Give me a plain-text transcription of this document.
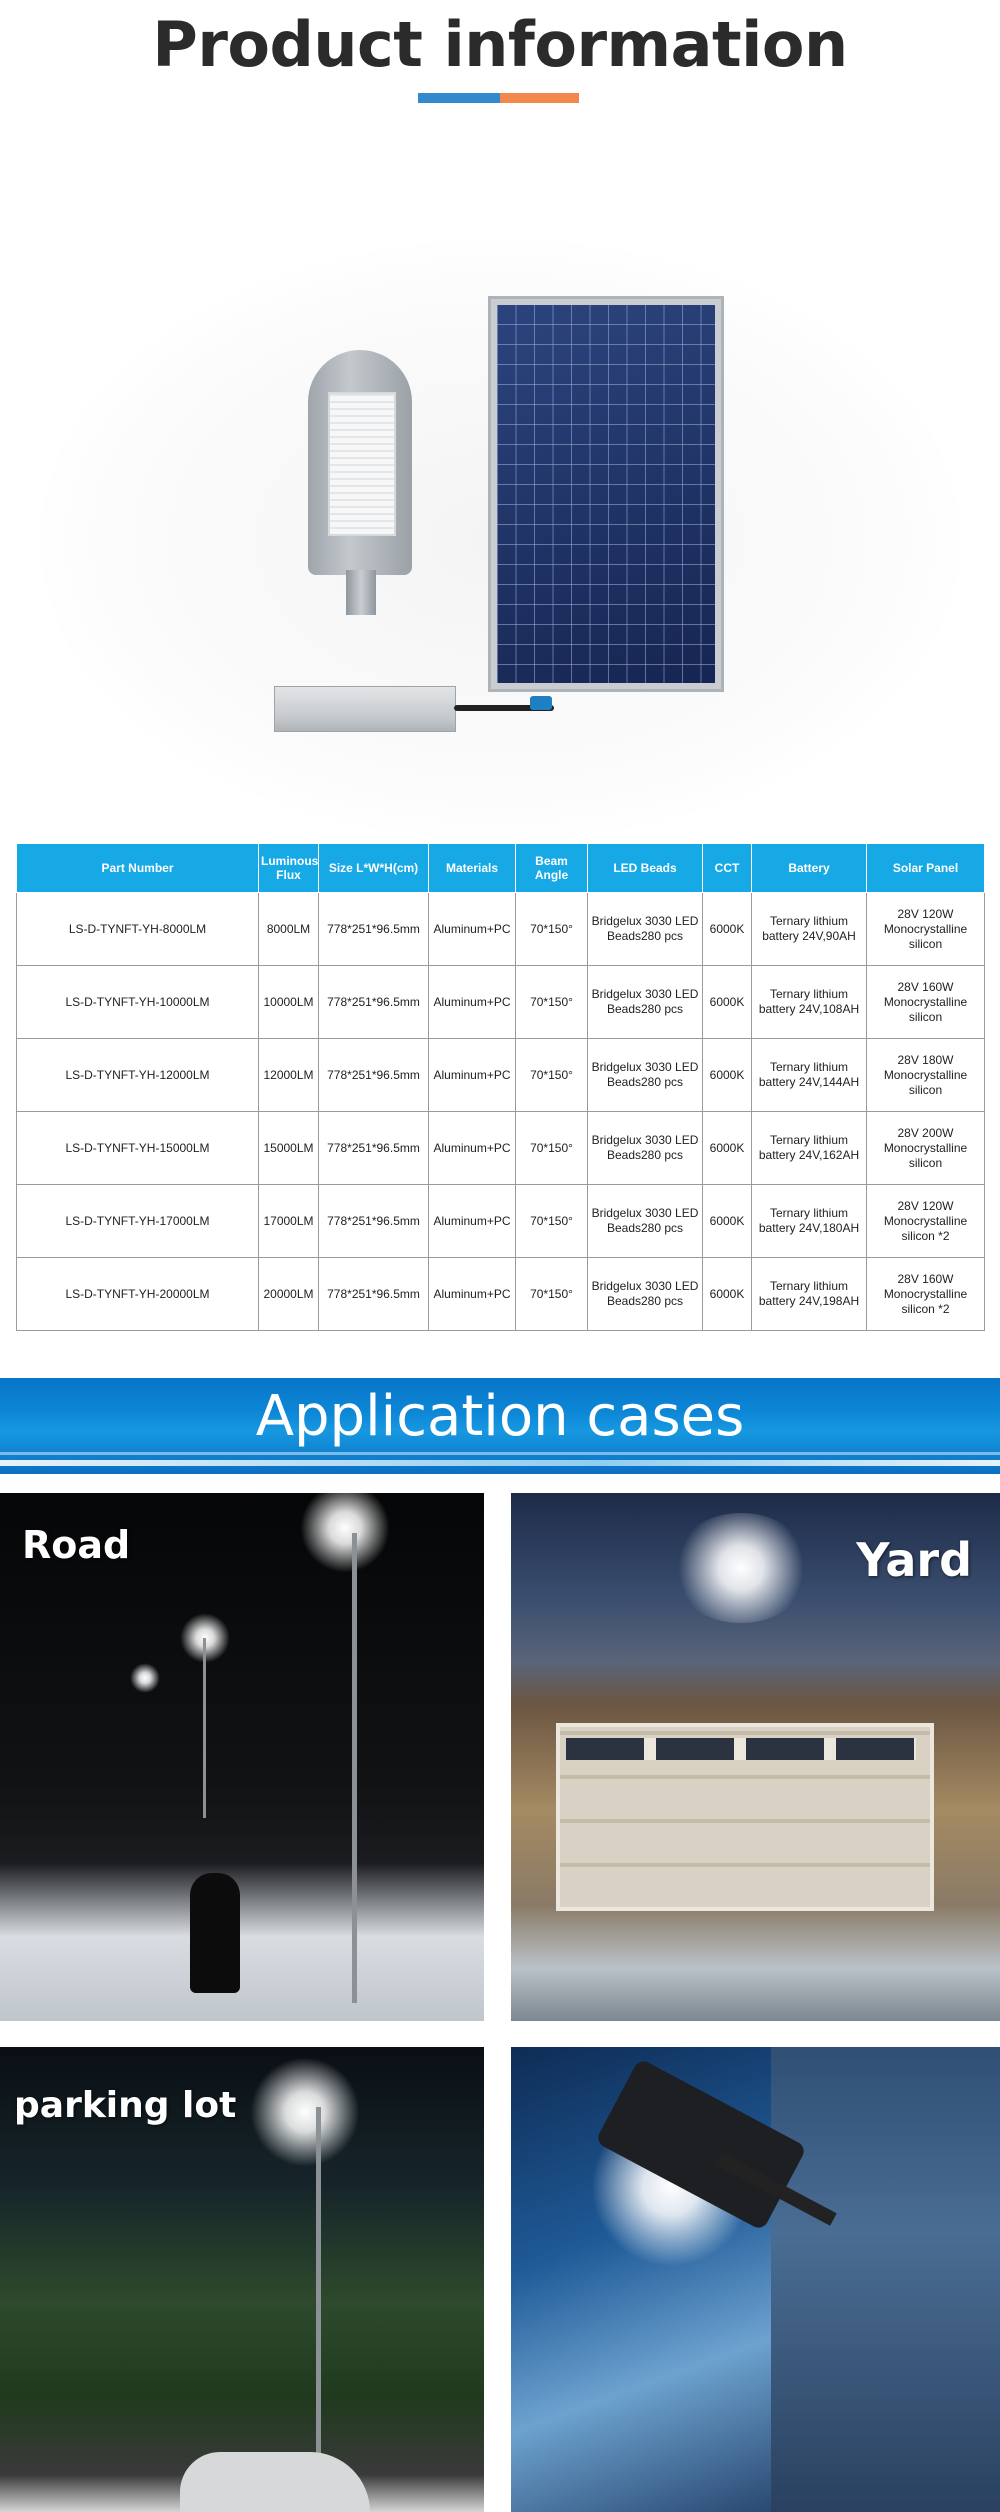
Product information
Part Number	Luminous Flux	Size L*W*H(cm)	Materials	Beam Angle	LED Beads	CCT	Battery	Solar Panel
LS-D-TYNFT-YH-8000LM	8000LM	778*251*96.5mm	Aluminum+PC	70*150°	Bridgelux 3030 LED Beads280 pcs	6000K	Ternary lithium battery 24V,90AH	28V 120W Monocrystalline silicon
LS-D-TYNFT-YH-10000LM	10000LM	778*251*96.5mm	Aluminum+PC	70*150°	Bridgelux 3030 LED Beads280 pcs	6000K	Ternary lithium battery 24V,108AH	28V 160W Monocrystalline silicon
LS-D-TYNFT-YH-12000LM	12000LM	778*251*96.5mm	Aluminum+PC	70*150°	Bridgelux 3030 LED Beads280 pcs	6000K	Ternary lithium battery 24V,144AH	28V 180W Monocrystalline silicon
LS-D-TYNFT-YH-15000LM	15000LM	778*251*96.5mm	Aluminum+PC	70*150°	Bridgelux 3030 LED Beads280 pcs	6000K	Ternary lithium battery 24V,162AH	28V 200W Monocrystalline silicon
LS-D-TYNFT-YH-17000LM	17000LM	778*251*96.5mm	Aluminum+PC	70*150°	Bridgelux 3030 LED Beads280 pcs	6000K	Ternary lithium battery 24V,180AH	28V 120W Monocrystalline silicon *2
LS-D-TYNFT-YH-20000LM	20000LM	778*251*96.5mm	Aluminum+PC	70*150°	Bridgelux 3030 LED Beads280 pcs	6000K	Ternary lithium battery 24V,198AH	28V 160W Monocrystalline silicon *2
Application cases
Road	Yard
parking lot
